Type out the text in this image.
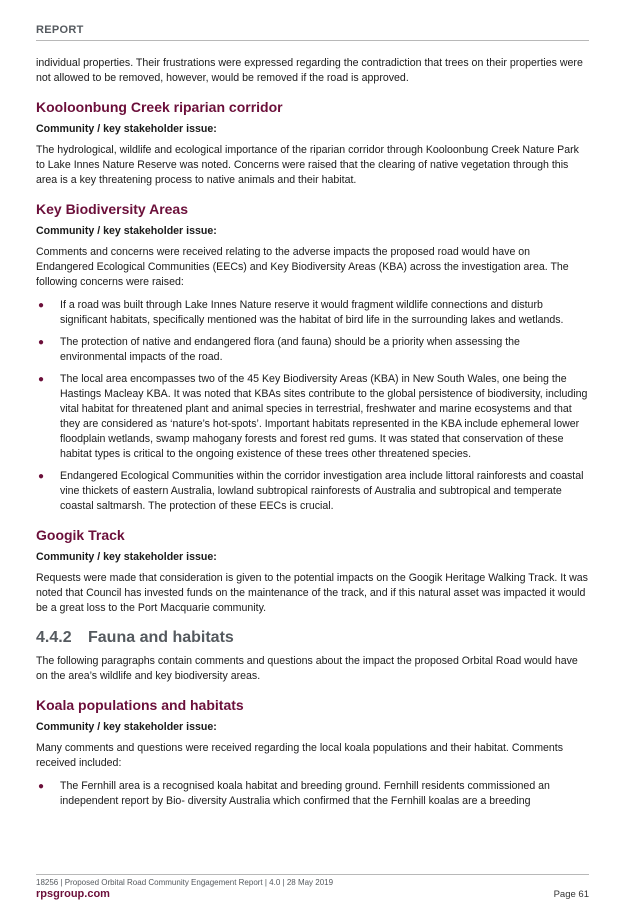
REPORT

individual properties. Their frustrations were expressed regarding the contradiction that trees on their properties were not allowed to be removed, however, would be removed if the road is approved.

Kooloonbung Creek riparian corridor
Community / key stakeholder issue:

The hydrological, wildlife and ecological importance of the riparian corridor through Kooloonbung Creek Nature Park to Lake Innes Nature Reserve was noted. Concerns were raised that the clearing of native vegetation through this area is a key threatening process to native animals and their habitat.

Key Biodiversity Areas
Community / key stakeholder issue:

Comments and concerns were received relating to the adverse impacts the proposed road would have on Endangered Ecological Communities (EECs) and Key Biodiversity Areas (KBA) across the investigation area. The following concerns were raised:

● If a road was built through Lake Innes Nature reserve it would fragment wildlife connections and disturb significant habitats, specifically mentioned was the habitat of bird life in the surrounding lakes and wetlands.
● The protection of native and endangered flora (and fauna) should be a priority when assessing the environmental impacts of the road.
● The local area encompasses two of the 45 Key Biodiversity Areas (KBA) in New South Wales, one being the Hastings Macleay KBA. It was noted that KBAs sites contribute to the global persistence of biodiversity, including vital habitat for threatened plant and animal species in terrestrial, freshwater and marine ecosystems and that they are considered as ‘nature’s hot-spots’. Important habitats represented in the KBA include ephemeral lower floodplain wetlands, swamp mahogany forests and forest red gums. It was stated that conservation of these habitat types is critical to the ongoing existence of these trees other threatened species.
● Endangered Ecological Communities within the corridor investigation area include littoral rainforests and coastal vine thickets of eastern Australia, lowland subtropical rainforests of Australia and subtropical and temperate coastal saltmarsh. The protection of these EECs is crucial.
Googik Track
Community / key stakeholder issue:

Requests were made that consideration is given to the potential impacts on the Googik Heritage Walking Track. It was noted that Council has invested funds on the maintenance of the track, and if this natural asset was impacted it would be a great loss to the Port Macquarie community.

4.4.2 Fauna and habitats

The following paragraphs contain comments and questions about the impact the proposed Orbital Road would have on the area’s wildlife and key biodiversity areas.

Koala populations and habitats
Community / key stakeholder issue:

Many comments and questions were received regarding the local koala populations and their habitat. Comments received included:

● The Fernhill area is a recognised koala habitat and breeding ground. Fernhill residents commissioned an independent report by Bio- diversity Australia which confirmed that the Fernhill koalas are a breeding
18256 | Proposed Orbital Road Community Engagement Report | 4.0 | 28 May 2019
rpsgroup.com	Page 61
